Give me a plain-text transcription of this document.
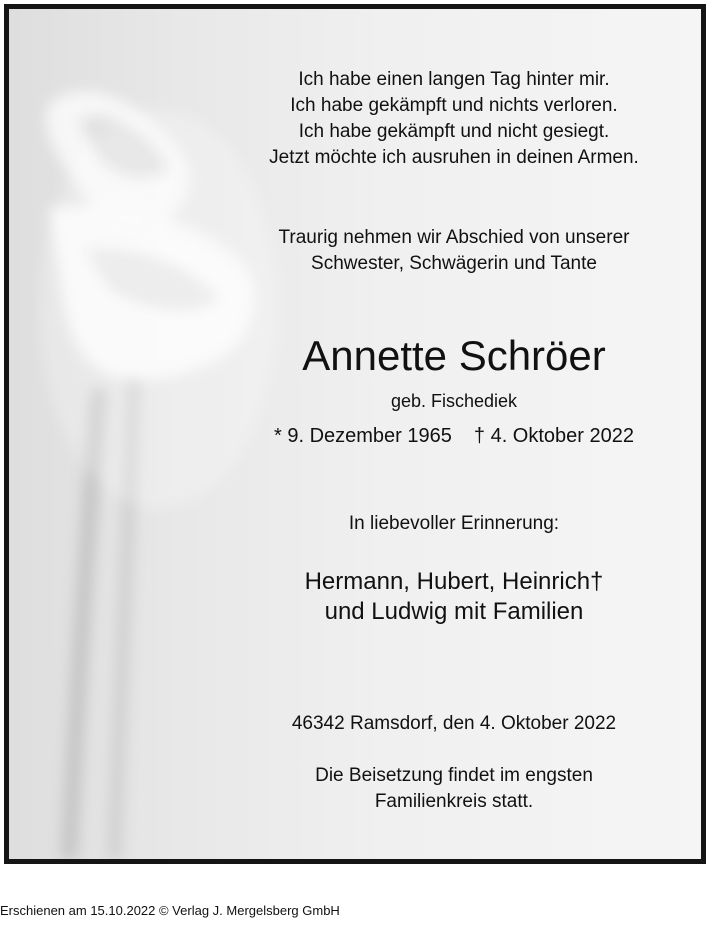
Ich habe einen langen Tag hinter mir.
Ich habe gekämpft und nichts verloren.
Ich habe gekämpft und nicht gesiegt.
Jetzt möchte ich ausruhen in deinen Armen.
Traurig nehmen wir Abschied von unserer
Schwester, Schwägerin und Tante
Annette Schröer
geb. Fischediek
* 9. Dezember 1965 † 4. Oktober 2022
In liebevoller Erinnerung:
Hermann, Hubert, Heinrich†
und Ludwig mit Familien
46342 Ramsdorf, den 4. Oktober 2022
Die Beisetzung findet im engsten
Familienkreis statt.
Erschienen am 15.10.2022 © Verlag J. Mergelsberg GmbH
